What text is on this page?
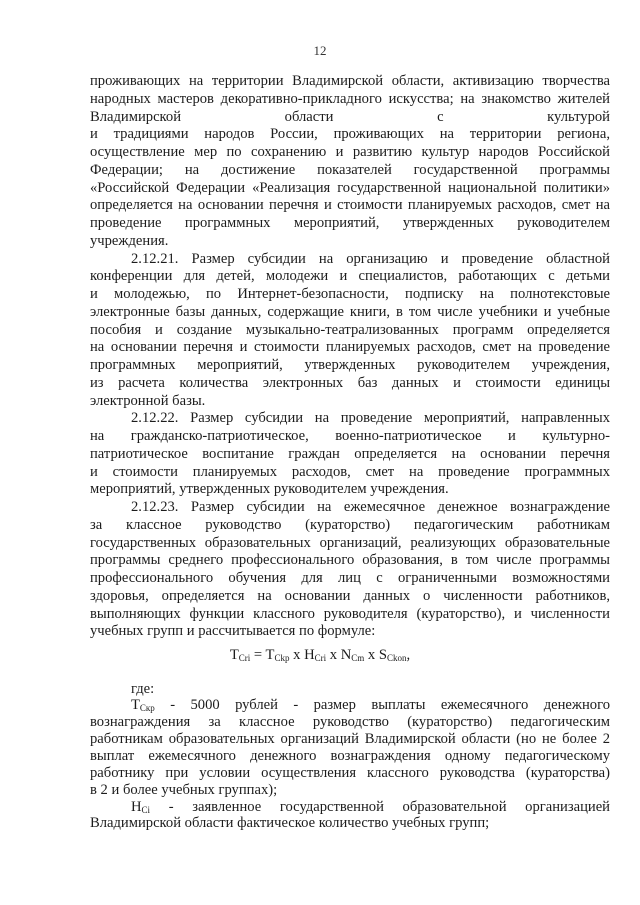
12
проживающих на территории Владимирской области, активизацию творчества
народных мастеров декоративно-прикладного искусства; на знакомство жителей
Владимирской области с культурой
и традициями народов России, проживающих на территории региона,
осуществление мер по сохранению и развитию культур народов Российской
Федерации; на достижение показателей государственной программы
«Российской Федерации «Реализация государственной национальной политики»
определяется на основании перечня и стоимости планируемых расходов, смет на
проведение программных мероприятий, утвержденных руководителем
учреждения.
2.12.21. Размер субсидии на организацию и проведение областной
конференции для детей, молодежи и специалистов, работающих с детьми
и молодежью, по Интернет-безопасности, подписку на полнотекстовые
электронные базы данных, содержащие книги, в том числе учебники и учебные
пособия и создание музыкально-театрализованных программ определяется
на основании перечня и стоимости планируемых расходов, смет на проведение
программных мероприятий, утвержденных руководителем учреждения,
из расчета количества электронных баз данных и стоимости единицы
электронной базы.
2.12.22. Размер субсидии на проведение мероприятий, направленных
на гражданско-патриотическое, военно-патриотическое и культурно-
патриотическое воспитание граждан определяется на основании перечня
и стоимости планируемых расходов, смет на проведение программных
мероприятий, утвержденных руководителем учреждения.
2.12.23. Размер субсидии на ежемесячное денежное вознаграждение
за классное руководство (кураторство) педагогическим работникам
государственных образовательных организаций, реализующих образовательные
программы среднего профессионального образования, в том числе программы
профессионального обучения для лиц с ограниченными возможностями
здоровья, определяется на основании данных о численности работников,
выполняющих функции классного руководителя (кураторство), и численности
учебных групп и рассчитывается по формуле:
$T_{Cri} = T_{Ckp}$ x $H_{Cri}$ x $N_{Cm}$ x $S_{Ckon}$,
где:
$T_{Скр} - 5000$ рублей - размер выплаты ежемесячного денежного
вознаграждения за классное руководство (кураторство) педагогическим
работникам образовательных организаций Владимирской области (но не более 2
выплат ежемесячного денежного вознаграждения одному педагогическому
работнику при условии осуществления классного руководства (кураторства)
в 2 и более учебных группах);
$Н_{Сi}$ - заявленное государственной образовательной организацией
Владимирской области фактическое количество учебных групп;
